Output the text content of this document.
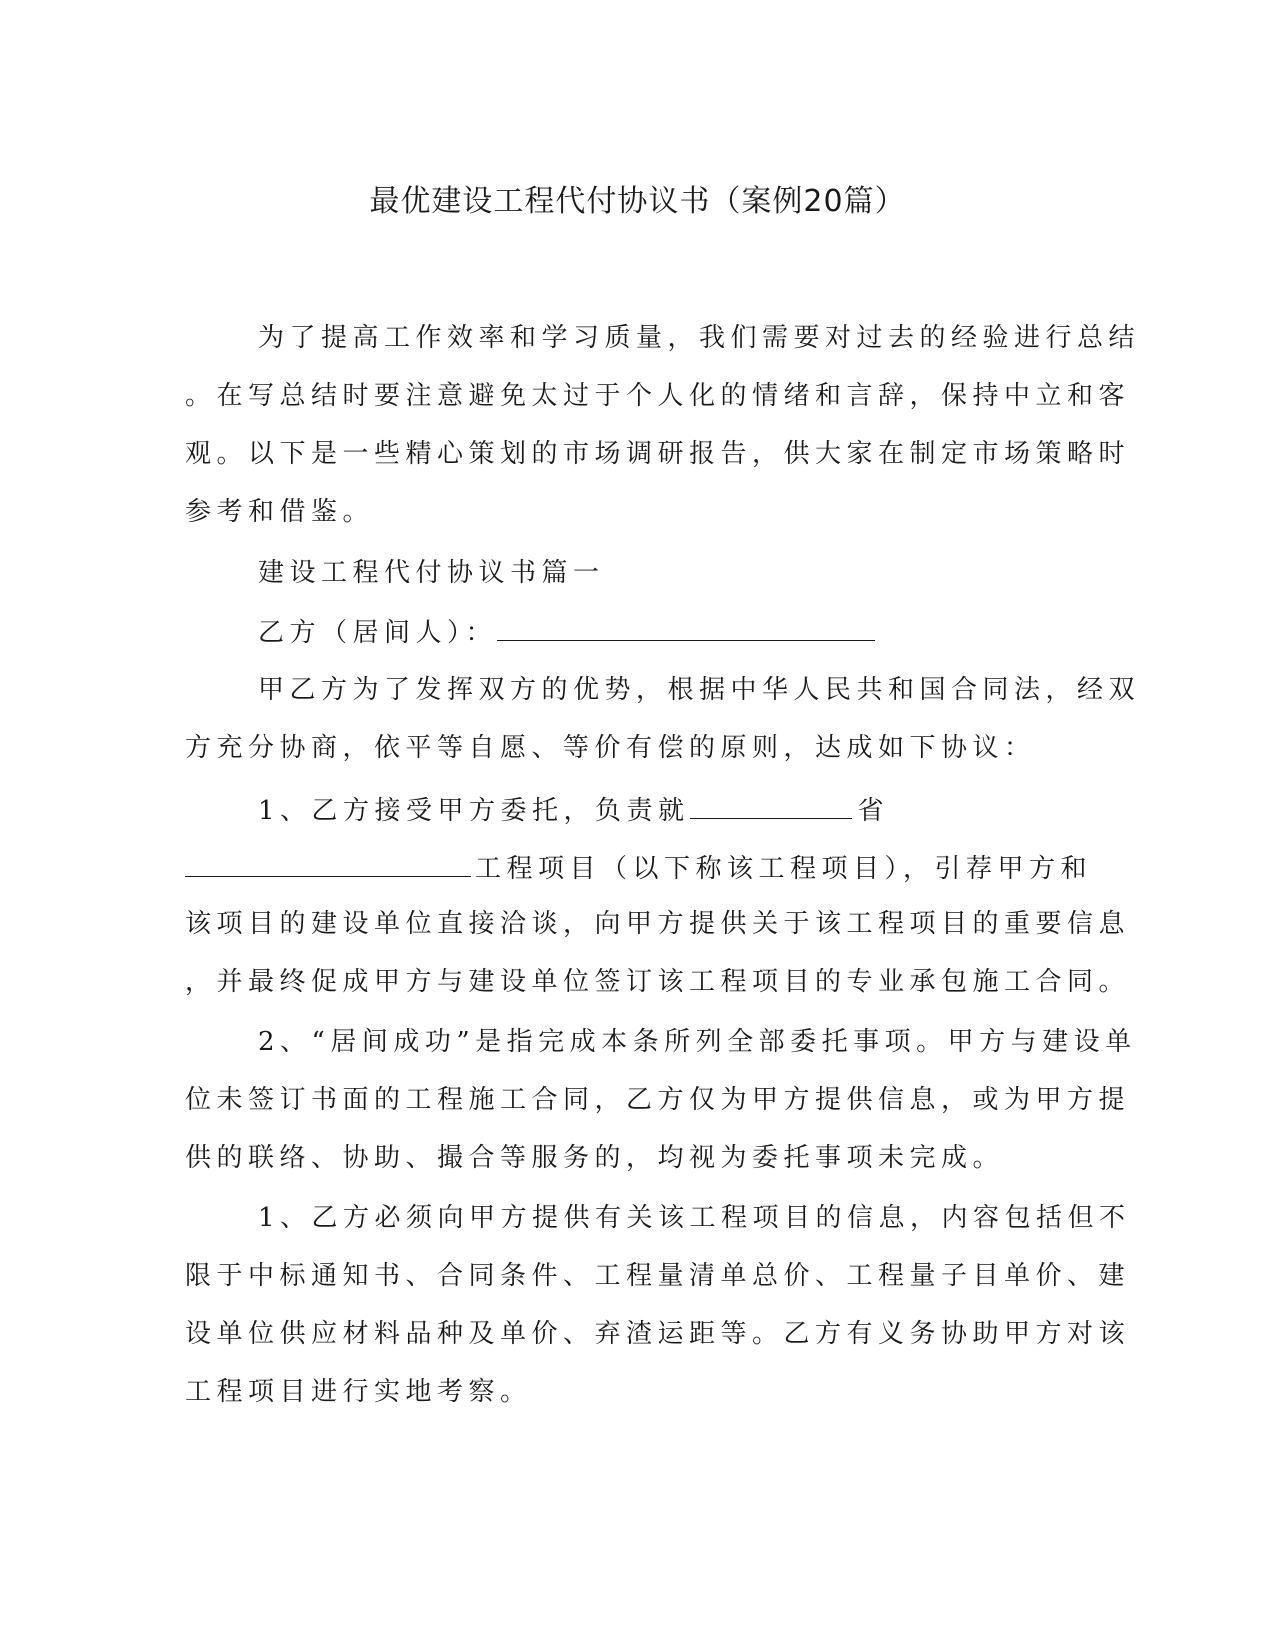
最优建设工程代付协议书（案例20篇）
为了提高工作效率和学习质量，我们需要对过去的经验进行总结
。在写总结时要注意避免太过于个人化的情绪和言辞，保持中立和客
观。以下是一些精心策划的市场调研报告，供大家在制定市场策略时
参考和借鉴。
建设工程代付协议书篇一
乙方（居间人）：
甲乙方为了发挥双方的优势，根据中华人民共和国合同法，经双
方充分协商，依平等自愿、等价有偿的原则，达成如下协议：
1、乙方接受甲方委托，负责就	省
工程项目（以下称该工程项目），引荐甲方和
该项目的建设单位直接洽谈，向甲方提供关于该工程项目的重要信息
，并最终促成甲方与建设单位签订该工程项目的专业承包施工合同。
2、“居间成功”是指完成本条所列全部委托事项。甲方与建设单
位未签订书面的工程施工合同，乙方仅为甲方提供信息，或为甲方提
供的联络、协助、撮合等服务的，均视为委托事项未完成。
1、乙方必须向甲方提供有关该工程项目的信息，内容包括但不
限于中标通知书、合同条件、工程量清单总价、工程量子目单价、建
设单位供应材料品种及单价、弃渣运距等。乙方有义务协助甲方对该
工程项目进行实地考察。
